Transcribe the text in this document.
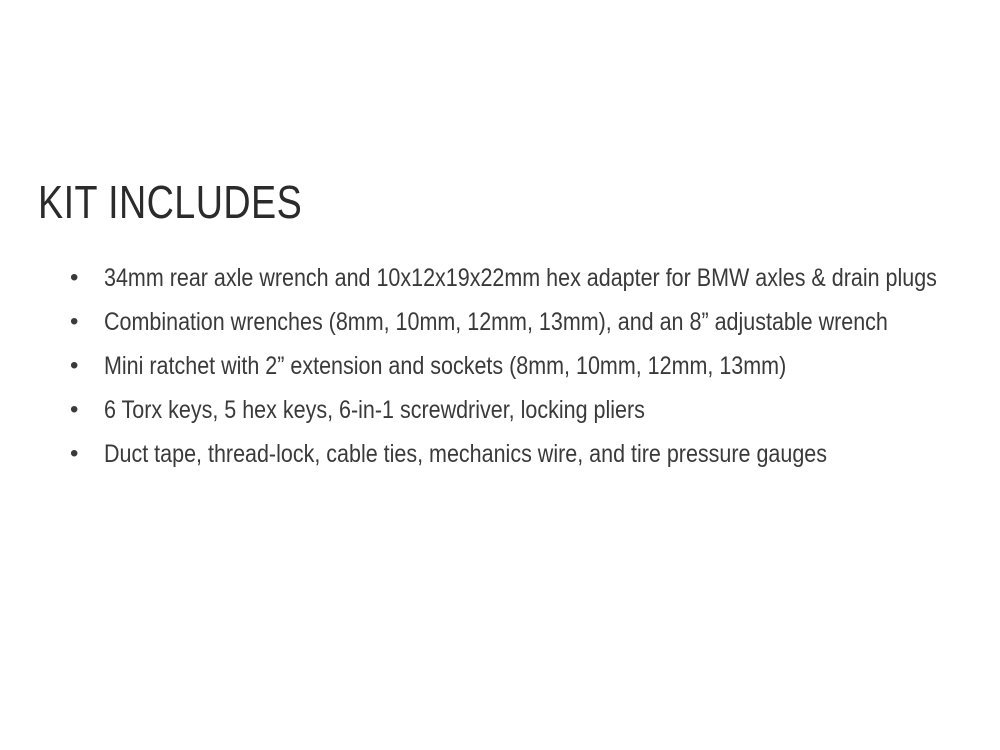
KIT INCLUDES
•	34mm rear axle wrench and 10x12x19x22mm hex adapter for BMW axles & drain plugs
•	Combination wrenches (8mm, 10mm, 12mm, 13mm), and an 8” adjustable wrench
•	Mini ratchet with 2” extension and sockets (8mm, 10mm, 12mm, 13mm)
•	6 Torx keys, 5 hex keys, 6-in-1 screwdriver, locking pliers
•	Duct tape, thread-lock, cable ties, mechanics wire, and tire pressure gauges
